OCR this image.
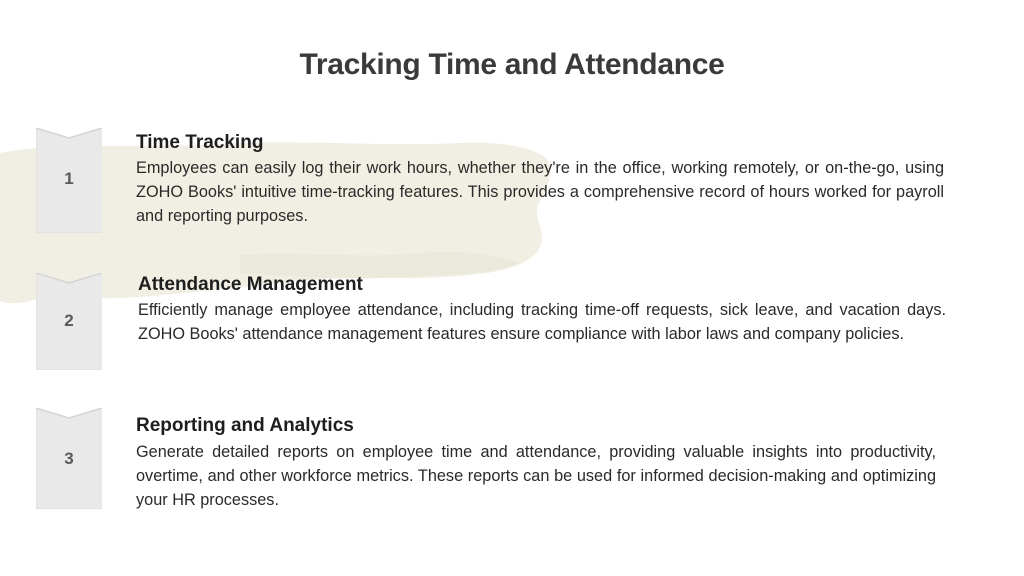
Tracking Time and Attendance
1
Time Tracking

Employees can easily log their work hours, whether they're in the office, working remotely, or on-the-go, using ZOHO Books' intuitive time-tracking features. This provides a comprehensive record of hours worked for payroll and reporting purposes.

2
Attendance Management

Efficiently manage employee attendance, including tracking time-off requests, sick leave, and vacation days. ZOHO Books' attendance management features ensure compliance with labor laws and company policies.

3
Reporting and Analytics

Generate detailed reports on employee time and attendance, providing valuable insights into productivity, overtime, and other workforce metrics. These reports can be used for informed decision-making and optimizing your HR processes.
